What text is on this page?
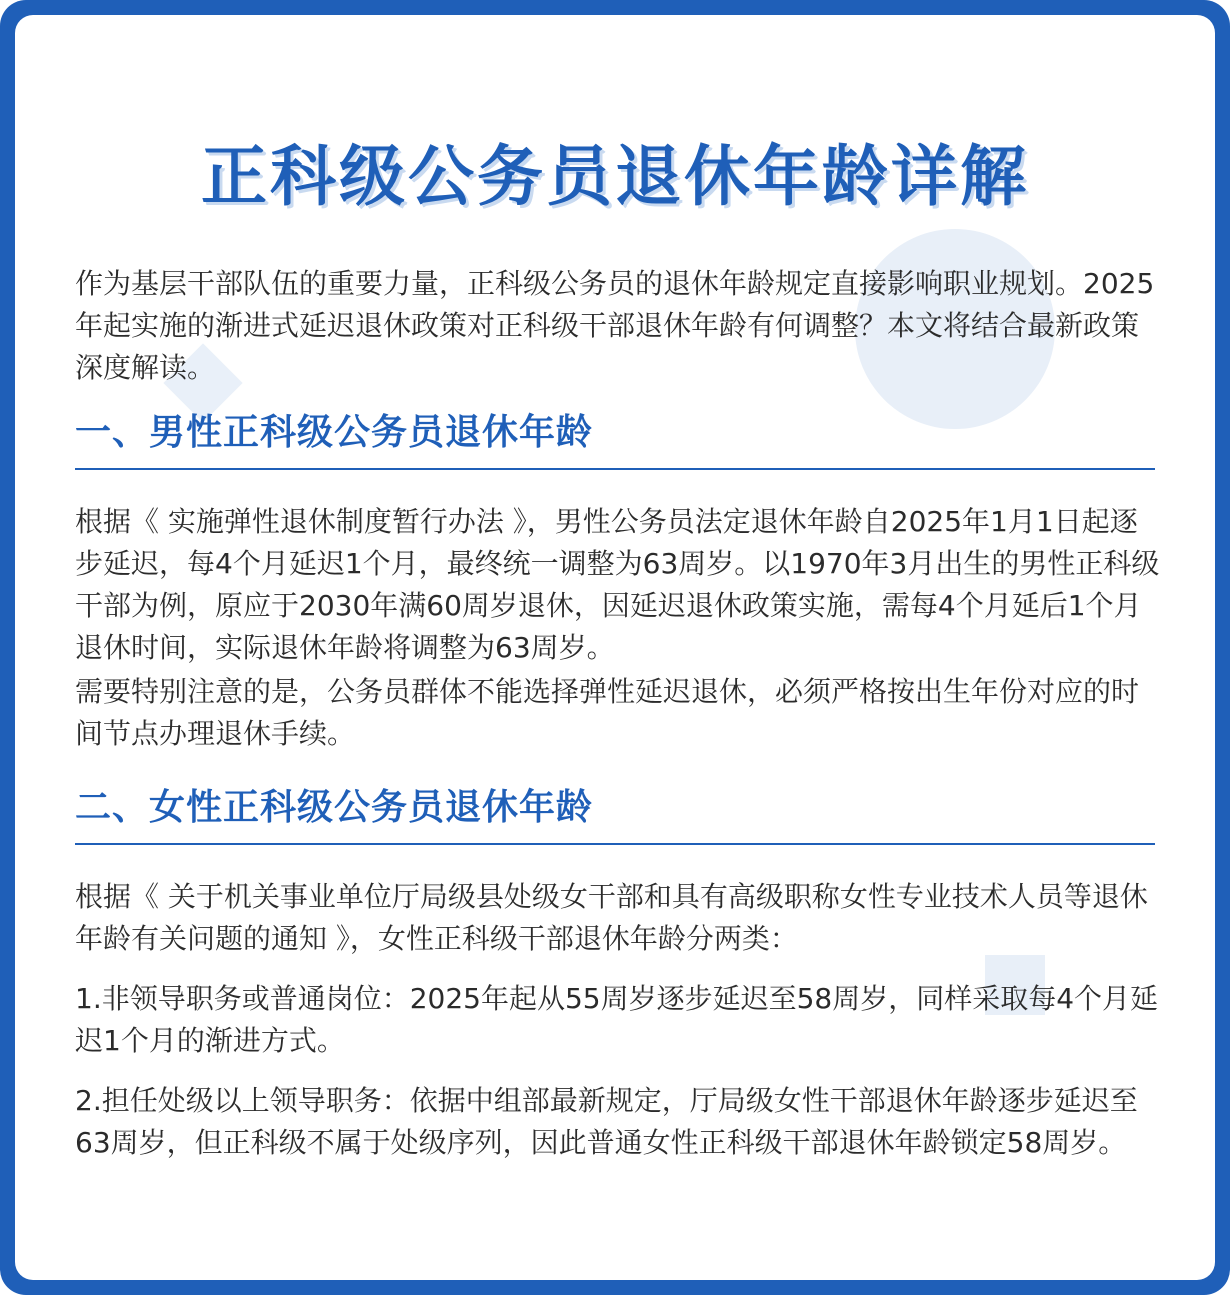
正科级公务员退休年龄详解

作为基层干部队伍的重要力量，正科级公务员的退休年龄规定直接影响职业规划。2025年起实施的渐进式延迟退休政策对正科级干部退休年龄有何调整？本文将结合最新政策深度解读。

一、男性正科级公务员退休年龄

根据《 实施弹性退休制度暂行办法 》，男性公务员法定退休年龄自2025年1月1日起逐步延迟，每4个月延迟1个月，最终统一调整为63周岁。以1970年3月出生的男性正科级干部为例，原应于2030年满60周岁退休，因延迟退休政策实施，需每4个月延后1个月退休时间，实际退休年龄将调整为63周岁。

需要特别注意的是，公务员群体不能选择弹性延迟退休，必须严格按出生年份对应的时间节点办理退休手续。

二、女性正科级公务员退休年龄

根据《 关于机关事业单位厅局级县处级女干部和具有高级职称女性专业技术人员等退休年龄有关问题的通知 》，女性正科级干部退休年龄分两类：

1.非领导职务或普通岗位：2025年起从55周岁逐步延迟至58周岁，同样采取每4个月延迟1个月的渐进方式。

2.担任处级以上领导职务：依据中组部最新规定，厅局级女性干部退休年龄逐步延迟至63周岁，但正科级不属于处级序列，因此普通女性正科级干部退休年龄锁定58周岁。
